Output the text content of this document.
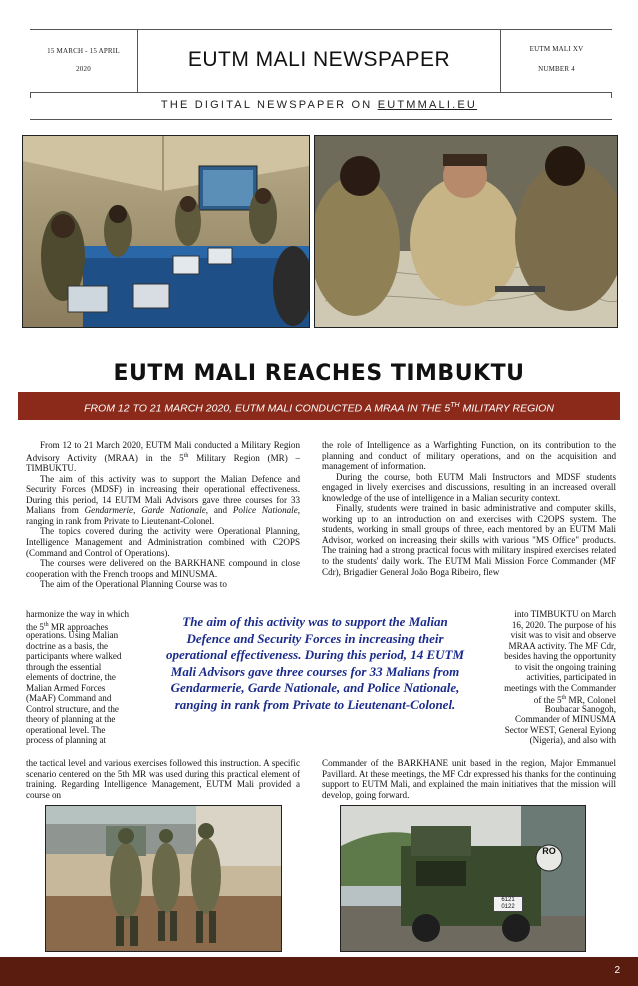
15 MARCH - 15 APRIL
2020	EUTM MALI NEWSPAPER	EUTM MALI XV
NUMBER 4
THE DIGITAL NEWSPAPER ON EUTMMALI.EU
EUTM MALI REACHES TIMBUKTU
FROM 12 TO 21 MARCH 2020, EUTM MALI CONDUCTED A MRAA IN THE 5TH MILITARY REGION

From 12 to 21 March 2020, EUTM Mali conducted a Military Region Advisory Activity (MRAA) in the 5th Military Region (MR) – TIMBUKTU.

The aim of this activity was to support the Malian Defence and Security Forces (MDSF) in increasing their operational effectiveness. During this period, 14 EUTM Mali Advisors gave three courses for 33 Malians from Gendarmerie, Garde Nationale, and Police Nationale, ranging in rank from Private to Lieutenant-Colonel.

The topics covered during the activity were Operational Planning, Intelligence Management and Administration combined with C2OPS (Command and Control of Operations).

The courses were delivered on the BARKHANE compound in close cooperation with the French troops and MINUSMA.

The aim of the Operational Planning Course was to

harmonize the way in which
the 5th MR approaches
operations. Using Malian
doctrine as a basis, the
participants where walked
through the essential
elements of doctrine, the
Malian Armed Forces
(MaAF) Command and
Control structure, and the
theory of planning at the
operational level. The
process of planning at

the tactical level and various exercises followed this instruction. A specific scenario centered on the 5th MR was used during this practical element of training. Regarding Intelligence Management, EUTM Mali provided a course on

the role of Intelligence as a Warfighting Function, on its contribution to the planning and conduct of military operations, and on the acquisition and management of information.

During the course, both EUTM Mali Instructors and MDSF students engaged in lively exercises and discussions, resulting in an increased overall knowledge of the use of intelligence in a Malian security context.

Finally, students were trained in basic administrative and computer skills, working up to an introduction on and exercises with C2OPS system. The students, working in small groups of three, each mentored by an EUTM Mali Advisor, worked on increasing their skills with various "MS Office" products. The training had a strong practical focus with military inspired exercises related to the students' daily work. The EUTM Mali Mission Force Commander (MF Cdr), Brigadier General João Boga Ribeiro, flew

into TIMBUKTU on March
16, 2020. The purpose of his
visit was to visit and observe
MRAA activity. The MF Cdr,
besides having the opportunity
to visit the ongoing training
activities, participated in
meetings with the Commander
of the 5th MR, Colonel
Boubacar Sanogoh,
Commander of MINUSMA
Sector WEST, General Eyiong
(Nigeria), and also with

Commander of the BARKHANE unit based in the region, Major Emmanuel Pavillard. At these meetings, the MF Cdr expressed his thanks for the continuing support to EUTM Mali, and explained the main initiatives that the mission will develop, going forward.

The aim of this activity was to support the Malian Defence and Security Forces in increasing their operational effectiveness. During this period, 14 EUTM Mali Advisors gave three courses for 33 Malians from Gendarmerie, Garde Nationale, and Police Nationale, ranging in rank from Private to Lieutenant-Colonel.
RO
6121 0122
2
